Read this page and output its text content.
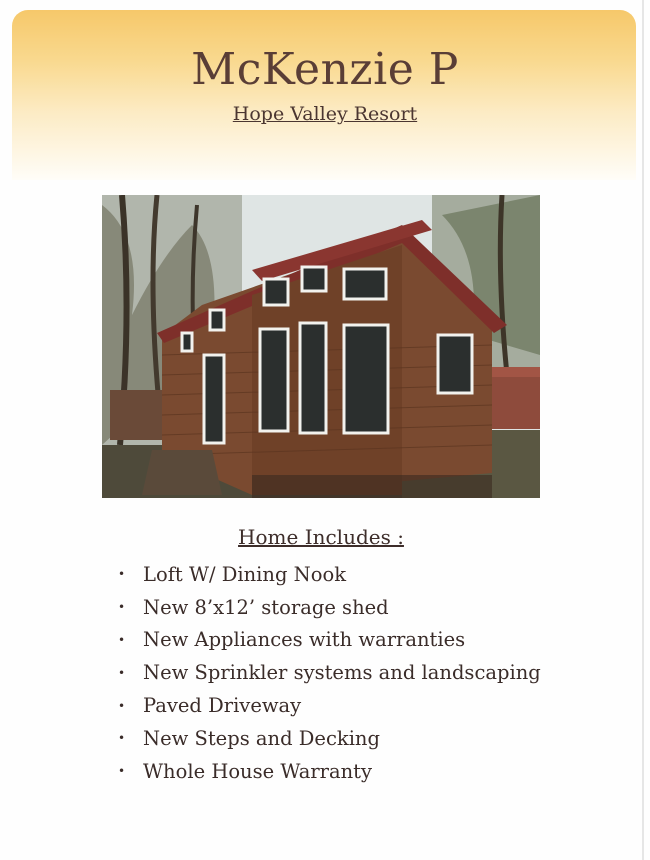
McKenzie P
Hope Valley Resort
Home Includes :
• Loft W/ Dining Nook
• New 8’x12’ storage shed
• New Appliances with warranties
• New Sprinkler systems and landscaping
• Paved Driveway
• New Steps and Decking
• Whole House Warranty
